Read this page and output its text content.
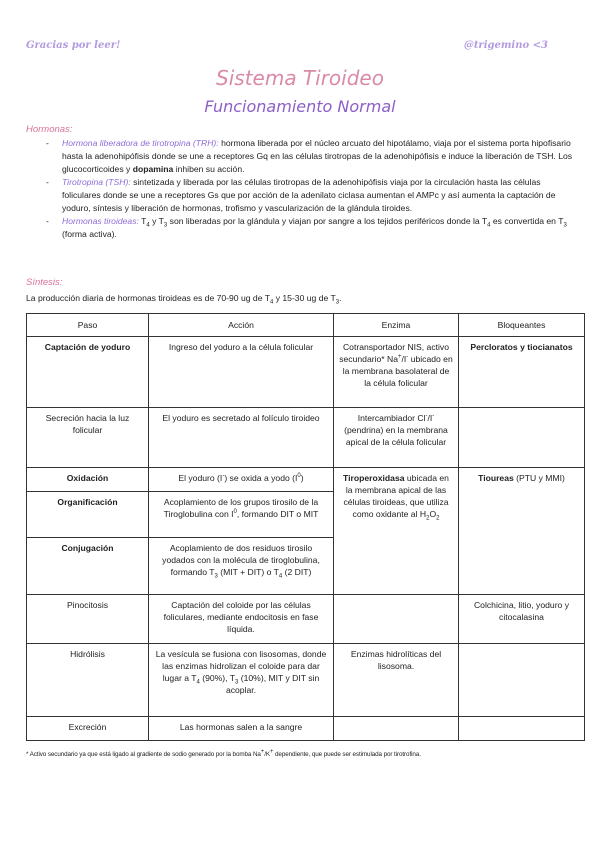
Gracias por leer!	@trigemino <3
Sistema Tiroideo
Funcionamiento Normal
Hormonas:
- Hormona liberadora de tirotropina (TRH): hormona liberada por el núcleo arcuato del hipotálamo, viaja por el sistema porta hipofisario hasta la adenohipófisis donde se une a receptores Gq en las células tirotropas de la adenohipófisis e induce la liberación de TSH. Los glucocorticoides y dopamina inhiben su acción.
- Tirotropina (TSH): sintetizada y liberada por las células tirotropas de la adenohipófisis viaja por la circulación hasta las células foliculares donde se une a receptores Gs que por acción de la adenilato ciclasa aumentan el AMPc y así aumenta la captación de yoduro, síntesis y liberación de hormonas, trofismo y vascularización de la glándula tiroides.
- Hormonas tiroideas: $T_4$ y $T_3$ son liberadas por la glándula y viajan por sangre a los tejidos periféricos donde la $T_4$ es convertida en $T_3$ (forma activa).
Síntesis:
La producción diaria de hormonas tiroideas es de 70-90 ug de $T_4$ y 15-30 ug de $T_3$.
Paso	Acción	Enzima	Bloqueantes
Captación de yoduro	Ingreso del yoduro a la célula folicular	Cotransportador NIS, activo secundario* Na+/I- ubicado en la membrana basolateral de la célula folicular	Percloratos y tiocianatos
Secreción hacia la luz folicular	El yoduro es secretado al folículo tiroideo	Intercambiador Cl-/I- (pendrina) en la membrana apical de la célula folicular	
Oxidación	El yoduro (I-) se oxida a yodo $(I^0)$	Tiroperoxidasa ubicada en la membrana apical de las células tiroideas, que utiliza como oxidante al $H_2O_2$	Tioureas (PTU y MMI)
Organificación	Acoplamiento de los grupos tirosilo de la Tiroglobulina con $I^0$, formando DIT o MIT		
Conjugación	Acoplamiento de dos residuos tirosilo yodados con la molécula de tiroglobulina, formando $T_3$ (MIT + DIT) o $T_4$ (2 DIT)		
Pinocitosis	Captación del coloide por las células foliculares, mediante endocitosis en fase líquida.		Colchicina, litio, yoduro y citocalasina
Hidrólisis	La vesícula se fusiona con lisosomas, donde las enzimas hidrolizan el coloide para dar lugar a $T_4$ (90%), $T_3$ (10%), MIT y DIT sin acoplar.	Enzimas hidrolíticas del lisosoma.	
Excreción	Las hormonas salen a la sangre		
* Activo secundario ya que está ligado al gradiente de sodio generado por la bomba Na+/K+ dependiente, que puede ser estimulada por tirotrofina.
